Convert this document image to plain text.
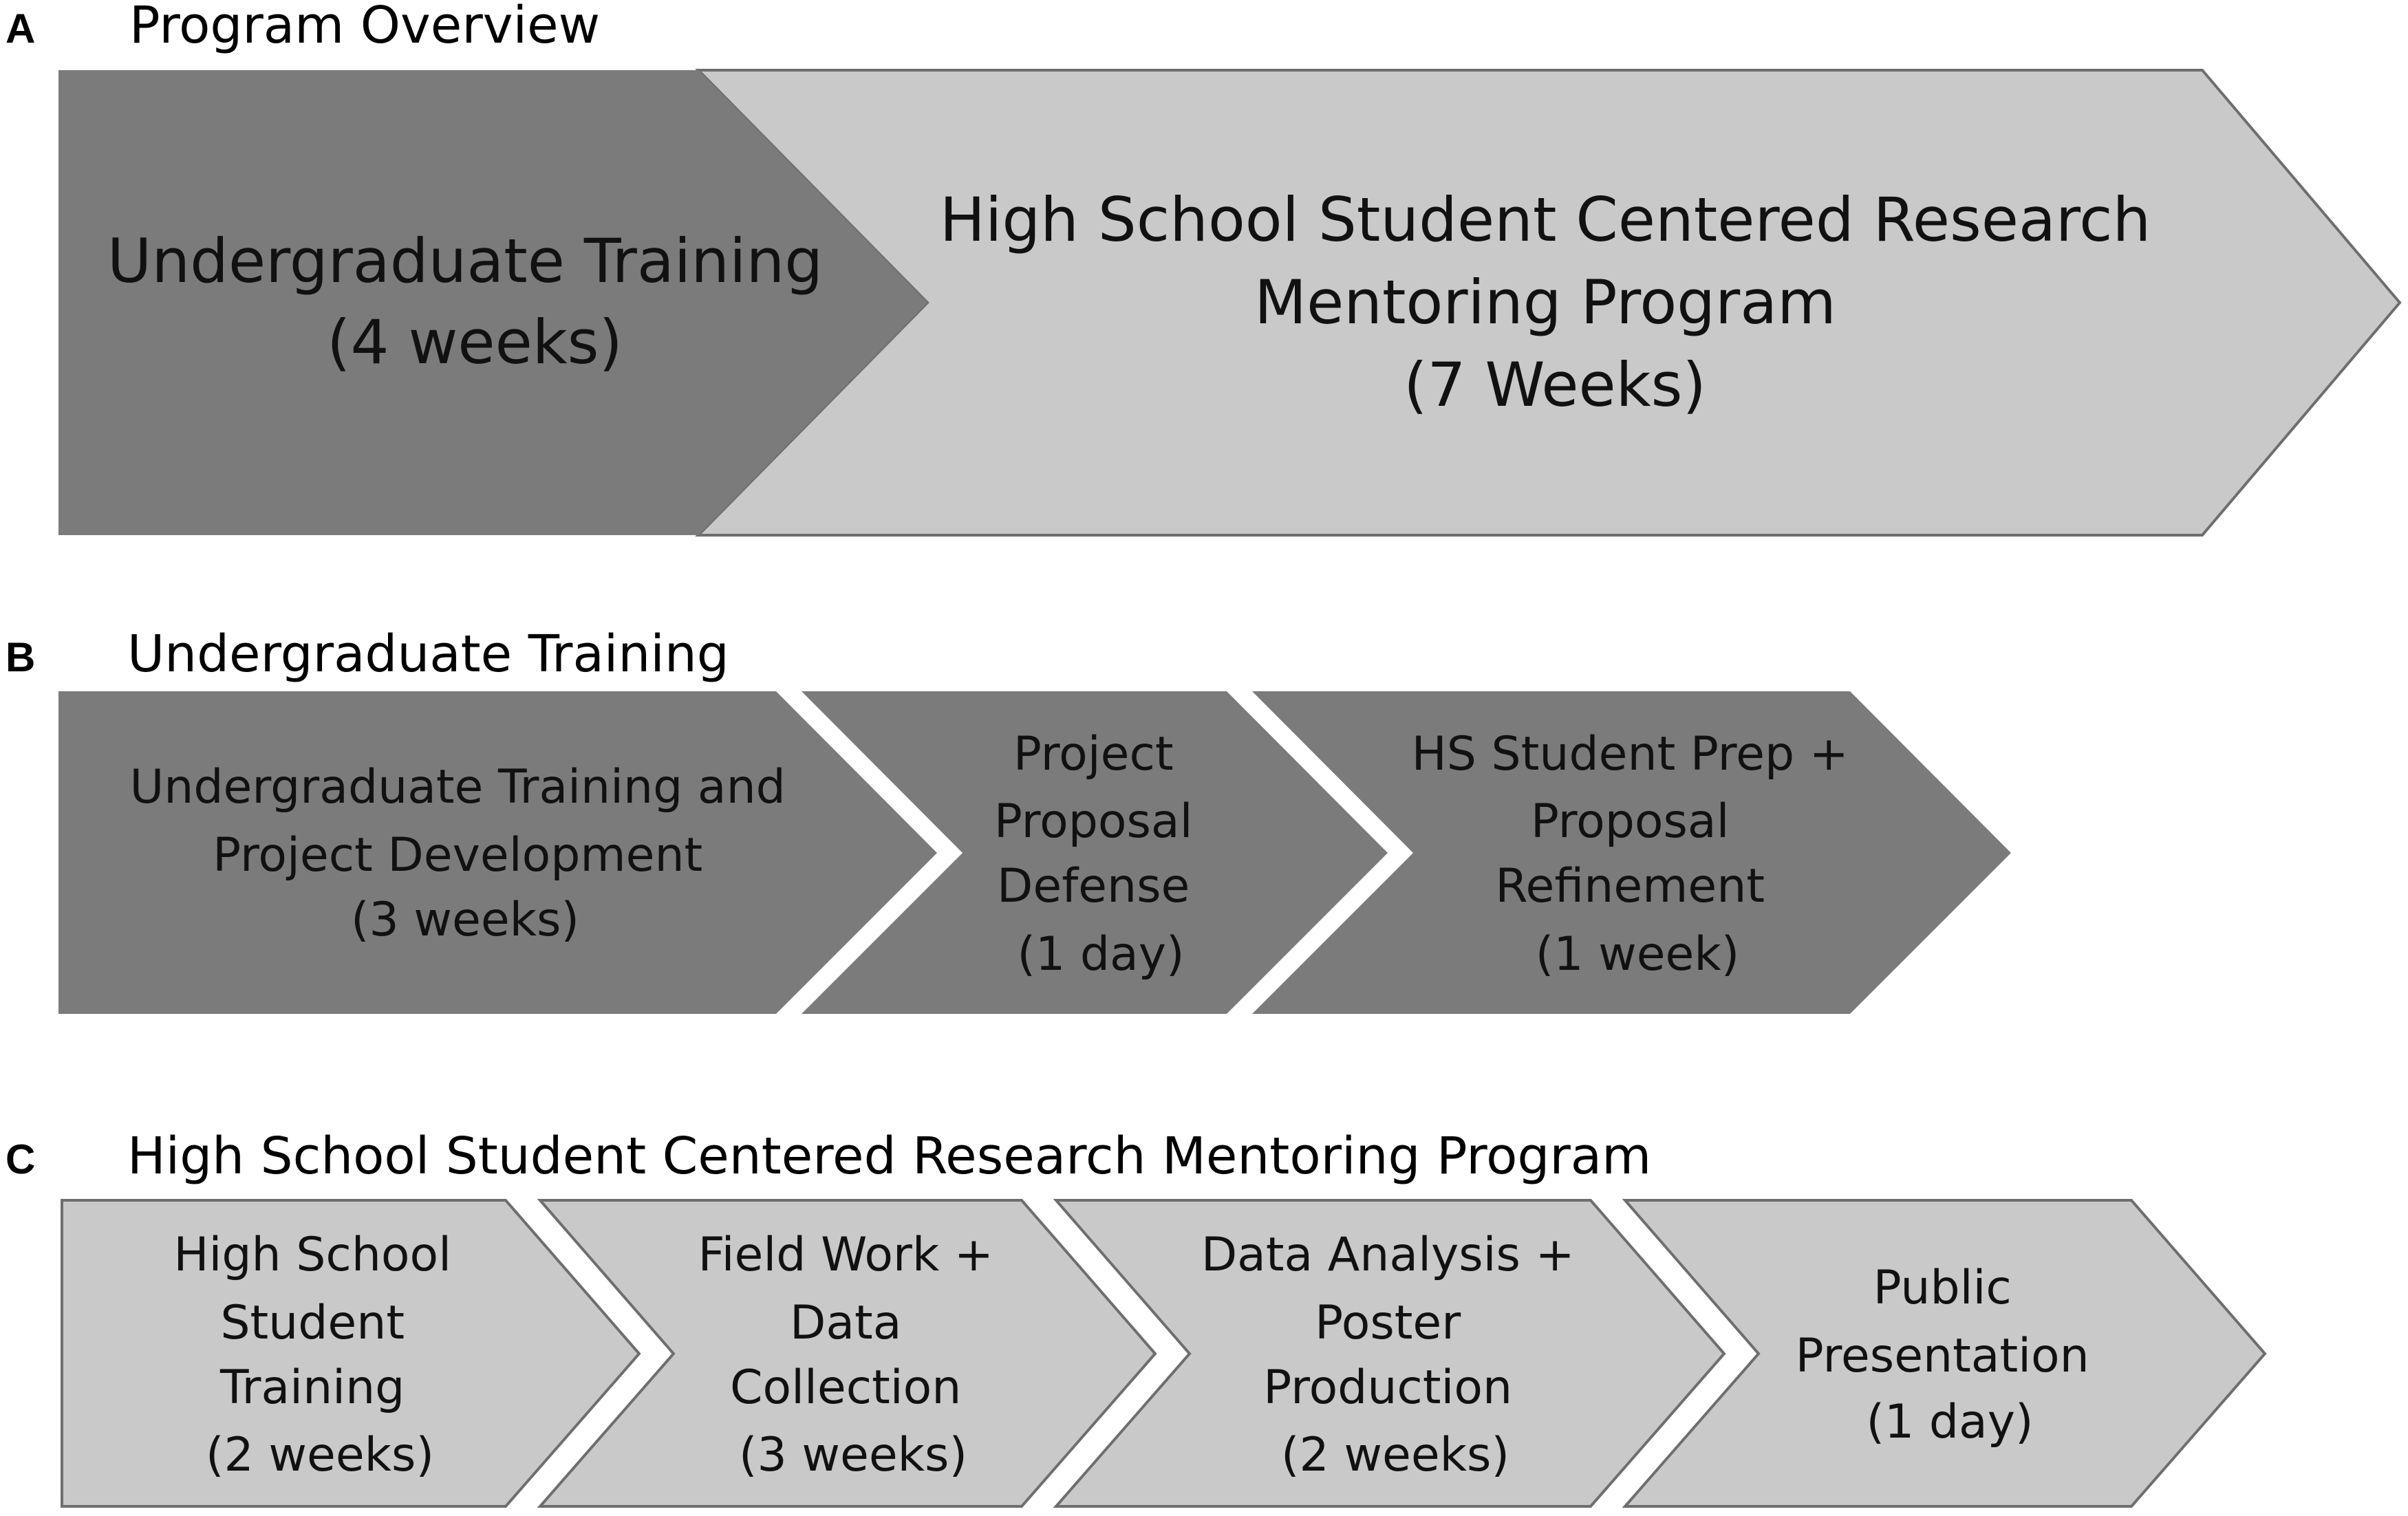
A Program Overview
Undergraduate Training (4 weeks)
High School Student Centered Research Mentoring Program (7 Weeks)
B Undergraduate Training
Undergraduate Training and Project Development (3 weeks)
Project Proposal Defense (1 day)
HS Student Prep + Proposal Refinement (1 week)
C High School Student Centered Research Mentoring Program
High School Student Training (2 weeks)
Field Work + Data Collection (3 weeks)
Data Analysis + Poster Production (2 weeks)
Public Presentation (1 day)
